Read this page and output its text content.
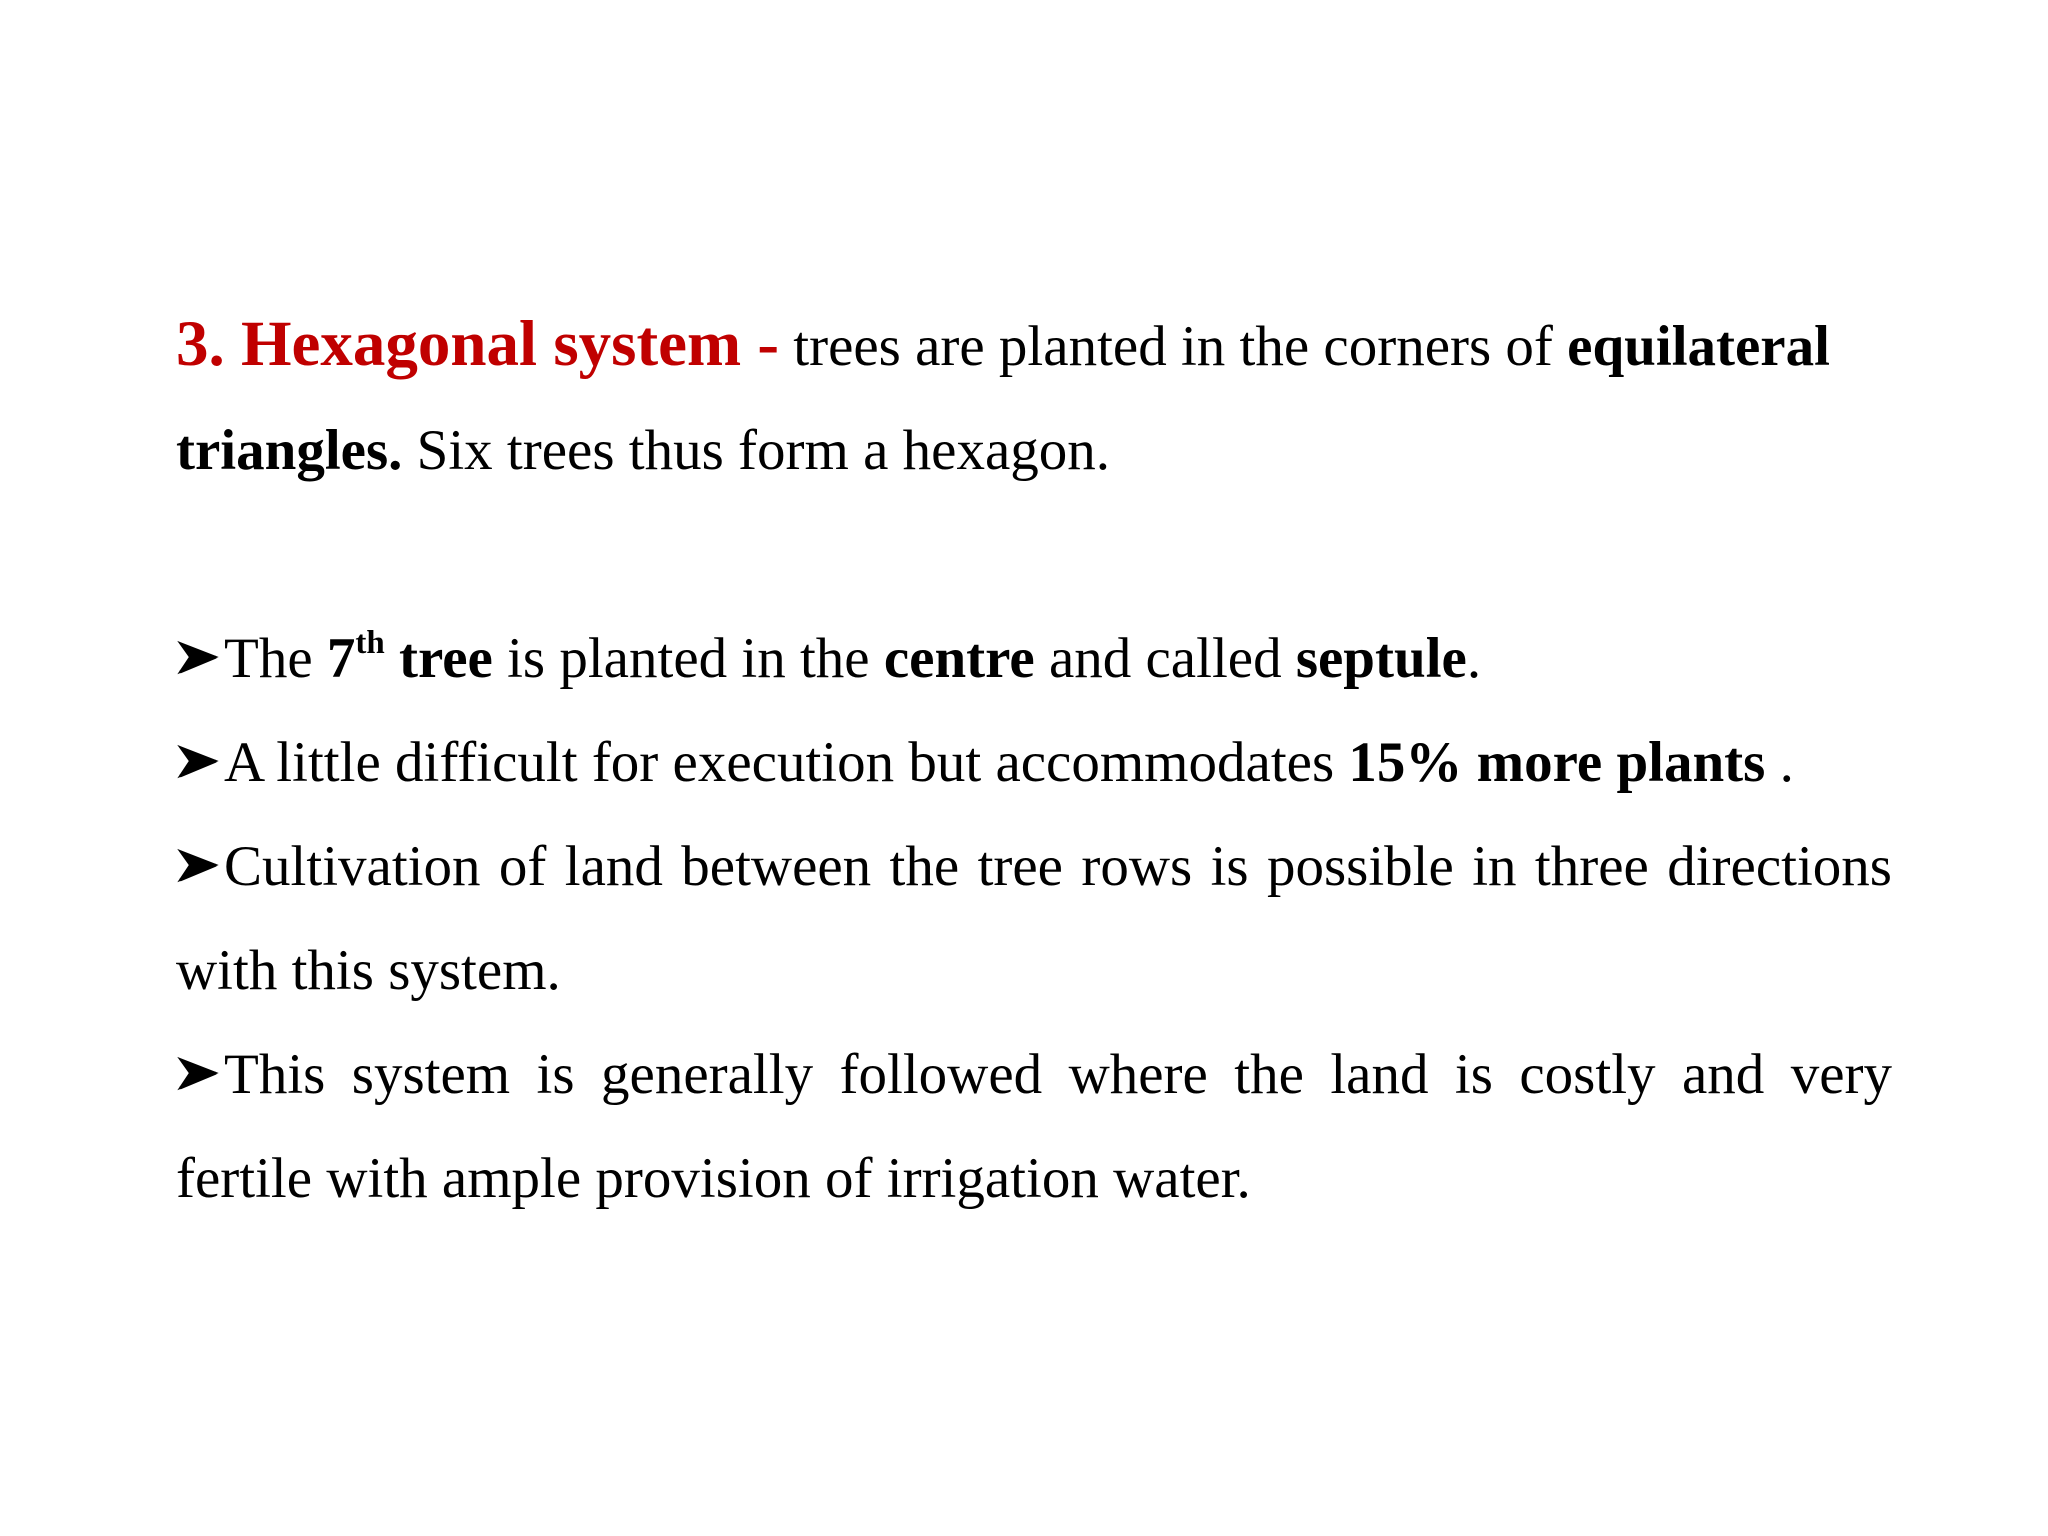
3. Hexagonal system - trees are planted in the corners of equilateral triangles. Six trees thus form a hexagon.

The 7th tree is planted in the centre and called septule.
A little difficult for execution but accommodates 15% more plants .
Cultivation of land between the tree rows is possible in three directions with this system.
This system is generally followed where the land is costly and very fertile with ample provision of irrigation water.
